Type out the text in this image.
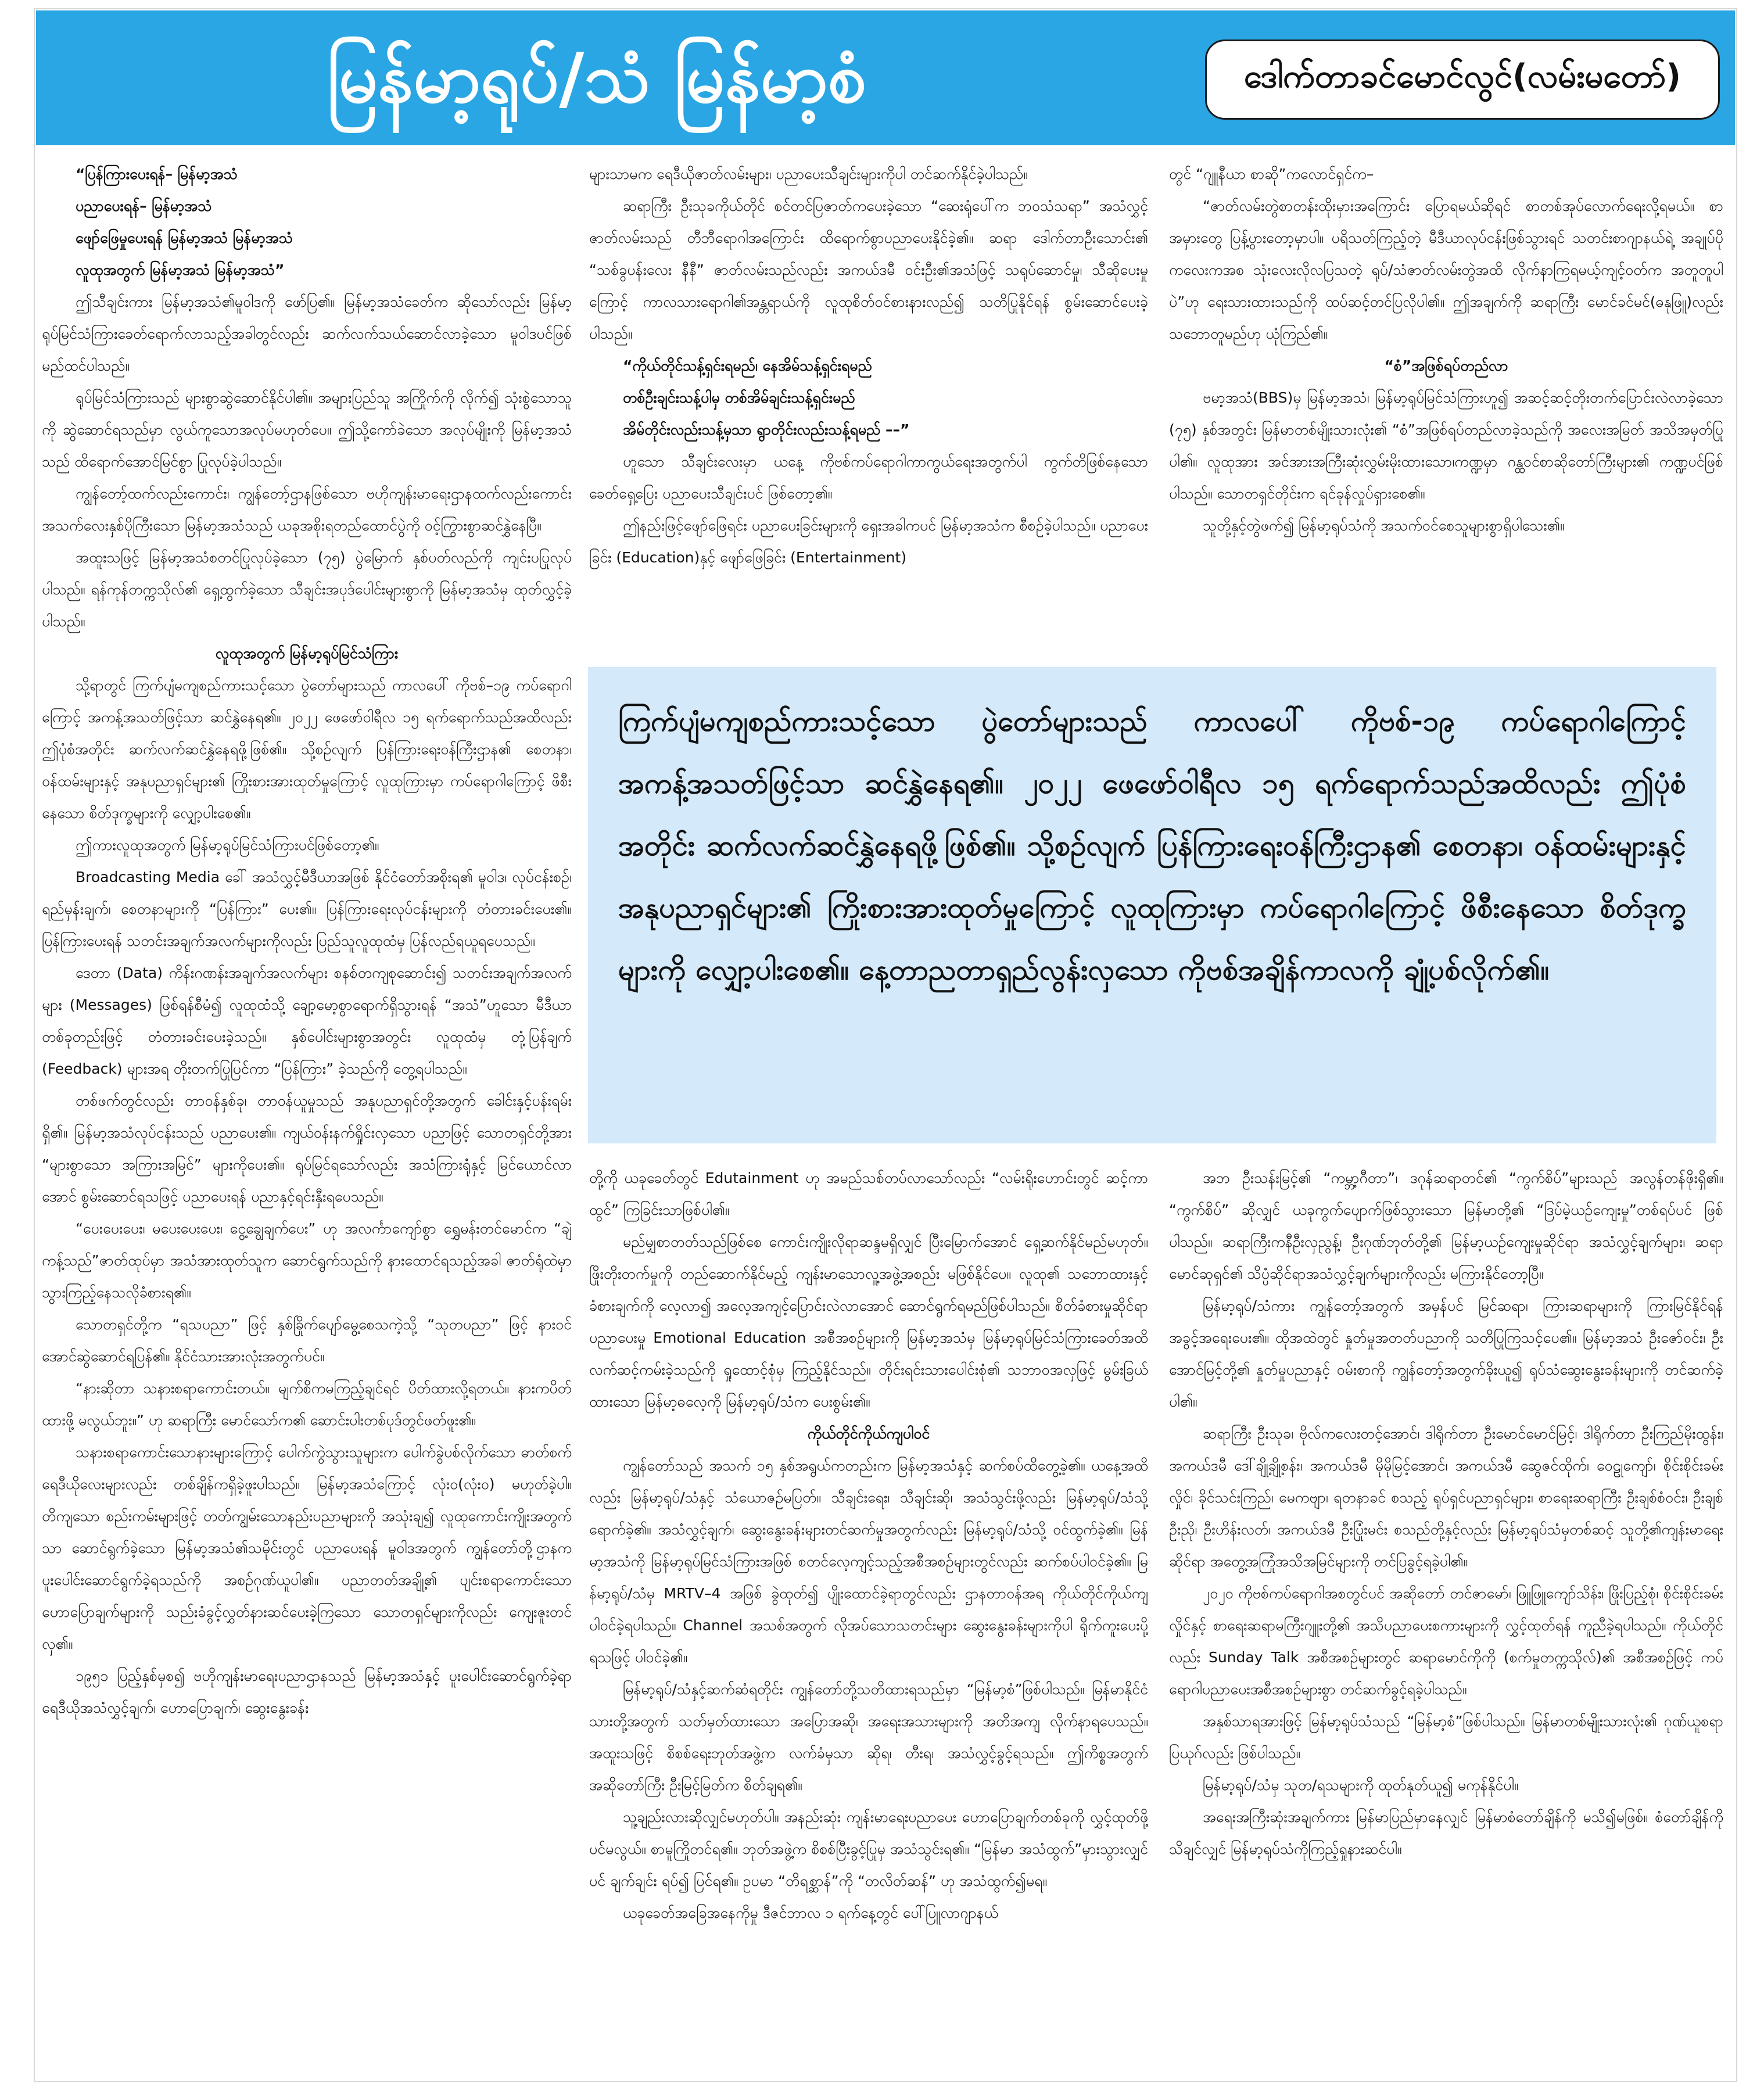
မြန်မာ့ရုပ်/သံ မြန်မာ့စံ	ဒေါက်တာခင်မောင်လွင်(လမ်းမတော်)

“ပြန်ကြားပေးရန်– မြန်မာ့အသံ

ပညာပေးရန်– မြန်မာ့အသံ

ဖျော်ဖြေမှုပေးရန် မြန်မာ့အသံ မြန်မာ့အသံ

လူထုအတွက် မြန်မာ့အသံ မြန်မာ့အသံ”

ဤသီချင်းကား မြန်မာ့အသံ၏မူဝါဒကို ဖော်ပြ၏။ မြန်မာ့အသံခေတ်က ဆိုသော်လည်း မြန်မာ့ရုပ်မြင်သံကြားခေတ်ရောက်လာသည့်အခါတွင်လည်း ဆက်လက်သယ်ဆောင်လာခဲ့သော မူဝါဒပင်ဖြစ်မည်ထင်ပါသည်။

ရုပ်မြင်သံကြားသည် များစွာဆွဲဆောင်နိုင်ပါ၏။ အများပြည်သူ အကြိုက်ကို လိုက်၍ သုံးစွဲသောသူကို ဆွဲဆောင်ရသည်မှာ လွယ်ကူသောအလုပ်မဟုတ်ပေ။ ဤသို့ကော်ခဲသော အလုပ်မျိုးကို မြန်မာ့အသံသည် ထိရောက်အောင်မြင်စွာ ပြုလုပ်ခဲ့ပါသည်။

ကျွန်တော့်ထက်လည်းကောင်း၊ ကျွန်တော့်ဌာနဖြစ်သော ဗဟိုကျန်းမာရေးဌာနထက်လည်းကောင်း အသက်လေးနှစ်ပိုကြီးသော မြန်မာ့အသံသည် ယခုအစိုးရတည်ထောင်ပွဲကို ဝင့်ကြွားစွာဆင်နွှဲနေပြီ။

အထူးသဖြင့် မြန်မာ့အသံစတင်ပြုလုပ်ခဲ့သော (၇၅) ပွဲမြောက် နှစ်ပတ်လည်ကို ကျင်းပပြုလုပ်ပါသည်။ ရန်ကုန်တက္ကသိုလ်၏ ရှေ့ထွက်ခဲ့သော သီချင်းအပုဒ်ပေါင်းများစွာကို မြန်မာ့အသံမှ ထုတ်လွှင့်ခဲ့ပါသည်။

လူထုအတွက် မြန်မာ့ရုပ်မြင်သံကြား

သို့ရာတွင် ကြက်ပျံမကျစည်ကားသင့်သော ပွဲတော်များသည် ကာလပေါ် ကိုဗစ်–၁၉ ကပ်ရောဂါကြောင့် အကန့်အသတ်ဖြင့်သာ ဆင်နွှဲနေရ၏။ ၂၀၂၂ ဖေဖော်ဝါရီလ ၁၅ ရက်ရောက်သည်အထိလည်း ဤပုံစံအတိုင်း ဆက်လက်ဆင်နွှဲနေရဖို့ဖြစ်၏။ သို့စဉ်လျက် ပြန်ကြားရေးဝန်ကြီးဌာန၏ စေတနာ၊ ဝန်ထမ်းများနှင့် အနုပညာရှင်များ၏ ကြိုးစားအားထုတ်မှုကြောင့် လူထုကြားမှာ ကပ်ရောဂါကြောင့် ဖိစီးနေသော စိတ်ဒုက္ခများကို လျှော့ပါးစေ၏။

ဤကားလူထုအတွက် မြန်မာ့ရုပ်မြင်သံကြားပင်ဖြစ်တော့၏။

Broadcasting Media ခေါ် အသံလွှင့်မီဒီယာအဖြစ် နိုင်ငံတော်အစိုးရ၏ မူဝါဒ၊ လုပ်ငန်းစဉ်၊ ရည်မှန်းချက်၊ စေတနာများကို “ပြန်ကြား” ပေး၏။ ပြန်ကြားရေးလုပ်ငန်းများကို တံတားခင်းပေး၏။ ပြန်ကြားပေးရန် သတင်းအချက်အလက်များကိုလည်း ပြည်သူလူထုထံမှ ပြန်လည်ရယူရပေသည်။

ဒေတာ (Data) ကိန်းဂဏန်းအချက်အလက်များ စနစ်တကျစုဆောင်း၍ သတင်းအချက်အလက်များ (Messages) ဖြစ်ရန်စီမံ၍ လူထုထံသို့ ချော့မော့စွာရောက်ရှိသွားရန် “အသံ”ဟူသော မီဒီယာတစ်ခုတည်းဖြင့် တံတားခင်းပေးခဲ့သည်။ နှစ်ပေါင်းများစွာအတွင်း လူထုထံမှ တုံ့ပြန်ချက် (Feedback) များအရ တိုးတက်ပြုပြင်ကာ “ပြန်ကြား” ခဲ့သည်ကို တွေ့ရပါသည်။

တစ်ဖက်တွင်လည်း တာဝန်နှစ်ခု၊ တာဝန်ယူမှုသည် အနုပညာရှင်တို့အတွက် ခေါင်းနှင့်ပန်းရမ်းရှိ၏။ မြန်မာ့အသံလုပ်ငန်းသည် ပညာပေး၏။ ကျယ်ဝန်းနက်ရှိုင်းလှသော ပညာဖြင့် သောတရှင်တို့အား “များစွာသော အကြားအမြင်” များကိုပေး၏။ ရုပ်မြင်ရသော်လည်း အသံကြားရုံနှင့် မြင်ယောင်လာအောင် စွမ်းဆောင်ရသဖြင့် ပညာပေးရန် ပညာနှင့်ရင်းနှီးရပေသည်။

“ပေးပေးပေး၊ မပေးပေးပေး၊ ငွေ့ချွေချက်ပေး” ဟု အလင်္ကာကျော်စွာ ရွှေမန်းတင်မောင်က “ချဲ့ကန့်သည်”ဇာတ်ထုပ်မှာ အသံအားထုတ်သူက ဆောင်ရွက်သည်ကို နားထောင်ရသည့်အခါ ဇာတ်ရုံထဲမှာသွားကြည့်နေသလိုခံစားရ၏။

သောတရှင်တို့က “ရသပညာ” ဖြင့် နှစ်ခြိုက်ပျော်မွေ့စေသကဲ့သို့ “သုတပညာ” ဖြင့် နားဝင်အောင်ဆွဲဆောင်ရပြန်၏။ နိုင်ငံသားအားလုံးအတွက်ပင်။

“နားဆိုတာ သနားစရာကောင်းတယ်။ မျက်စိကမကြည့်ချင်ရင် ပိတ်ထားလို့ရတယ်။ နားကပိတ်ထားဖို့ မလွယ်ဘူး။” ဟု ဆရာကြီး မောင်သော်က၏ ဆောင်းပါးတစ်ပုဒ်တွင်ဖတ်ဖူး၏။

သနားစရာကောင်းသောနားများကြောင့် ပေါက်ကွဲသွားသူများက ပေါက်ခွဲပစ်လိုက်သော ဓာတ်စက်ရေဒီယိုလေးများလည်း တစ်ချိန်ကရှိခဲ့ဖူးပါသည်။ မြန်မာ့အသံကြောင့် လုံး၀(လုံး၀) မဟုတ်ခဲ့ပါ။ တိကျသော စည်းကမ်းများဖြင့် တတ်ကျွမ်းသောနည်းပညာများကို အသုံးချ၍ လူထုကောင်းကျိုးအတွက်သာ ဆောင်ရွက်ခဲ့သော မြန်မာ့အသံ၏သမိုင်းတွင် ပညာပေးရန် မူဝါဒအတွက် ကျွန်တော်တို့ဌာနက ပူးပေါင်းဆောင်ရွက်ခဲ့ရသည်ကို အစဉ်ဂုဏ်ယူပါ၏။ ပညာတတ်အချို့၏ ပျင်းစရာကောင်းသော ဟောပြောချက်များကို သည်းခံခွင့်လွှတ်နားဆင်ပေးခဲ့ကြသော သောတရှင်များကိုလည်း ကျေးဇူးတင်လှ၏။

၁၉၅၁ ပြည့်နှစ်မှစ၍ ဗဟိုကျန်းမာရေးပညာဌာနသည် မြန်မာ့အသံနှင့် ပူးပေါင်းဆောင်ရွက်ခဲ့ရာ ရေဒီယိုအသံလွှင့်ချက်၊ ဟောပြောချက်၊ ဆွေးနွေးခန်း

များသာမက ရေဒီယိုဇာတ်လမ်းများ၊ ပညာပေးသီချင်းများကိုပါ တင်ဆက်နိုင်ခဲ့ပါသည်။

ဆရာကြီး ဦးသုခကိုယ်တိုင် စင်တင်ပြဇာတ်ကပေးခဲ့သော “ဆေးရုံပေါ်က ဘဝသံသရာ” အသံလွှင့်ဇာတ်လမ်းသည် တီဘီရောဂါအကြောင်း ထိရောက်စွာပညာပေးနိုင်ခဲ့၏။ ဆရာ ဒေါက်တာဦးသောင်း၏ “သစ်ခွပန်းလေး နီနီ” ဇာတ်လမ်းသည်လည်း အကယ်ဒမီ ဝင်းဦး၏အသံဖြင့် သရုပ်ဆောင်မှု၊ သီဆိုပေးမှုကြောင့် ကာလသားရောဂါ၏အန္တရာယ်ကို လူထုစိတ်ဝင်စားနားလည်၍ သတိပြုနိုင်ရန် စွမ်းဆောင်ပေးခဲ့ပါသည်။

“ကိုယ်တိုင်သန့်ရှင်းရမည်၊ နေအိမ်သန့်ရှင်းရမည်

တစ်ဦးချင်းသန့်ပါမှ တစ်အိမ်ချင်းသန့်ရှင်းမည်

အိမ်တိုင်းလည်းသန့်မှသာ ရွာတိုင်းလည်းသန့်ရမည် ––”

ဟူသော သီချင်းလေးမှာ ယနေ့ ကိုဗစ်ကပ်ရောဂါကာကွယ်ရေးအတွက်ပါ ကွက်တိဖြစ်နေသော ခေတ်ရှေ့ပြေး ပညာပေးသီချင်းပင် ဖြစ်တော့၏။

ဤနည်းဖြင့်ဖျော်ဖြေရင်း ပညာပေးခြင်းများကို ရှေးအခါကပင် မြန်မာ့အသံက စီစဉ်ခဲ့ပါသည်။ ပညာပေးခြင်း (Education)နှင့် ဖျော်ဖြေခြင်း (Entertainment)

တွင် “ဂျူနီယာ စာဆို”ကလောင်ရှင်က–

“ဇာတ်လမ်းတွဲစာတန်းထိုးမှားအကြောင်း ပြောရမယ်ဆိုရင် စာတစ်အုပ်လောက်ရေးလို့ရမယ်။ စာအမှားတွေ ပြန့်ပွားတော့မှာပါ။ ပရိသတ်ကြည့်တဲ့ မီဒီယာလုပ်ငန်းဖြစ်သွားရင် သတင်းစာဂျာနယ်ရဲ့ အချုပ်ပိုကလေးကအစ သုံးလေးလိုလပြသတဲ့ ရုပ်/သံဇာတ်လမ်းတွဲအထိ လိုက်နာကြရမယ့်ကျင့်ဝတ်က အတူတူပါပဲ”ဟု ရေးသားထားသည်ကို ထပ်ဆင့်တင်ပြလိုပါ၏။ ဤအချက်ကို ဆရာကြီး မောင်ခင်မင်(ဓနုဖြူ)လည်း သဘောတူမည်ဟု ယုံကြည်၏။

“စံ”အဖြစ်ရပ်တည်လာ

ဗမာ့အသံ(BBS)မှ မြန်မာ့အသံ၊ မြန်မာ့ရုပ်မြင်သံကြားဟူ၍ အဆင့်ဆင့်တိုးတက်ပြောင်းလဲလာခဲ့သော (၇၅) နှစ်အတွင်း မြန်မာတစ်မျိုးသားလုံး၏ “စံ”အဖြစ်ရပ်တည်လာခဲ့သည်ကို အလေးအမြတ် အသိအမှတ်ပြုပါ၏။ လူထုအား အင်အားအကြီးဆုံးလွှမ်းမိုးထားသော၊ကဏ္ဍမှာ ဂန္ထဝင်စာဆိုတော်ကြီးများ၏ ကဏ္ဍပင်ဖြစ်ပါသည်။ သောတရှင်တိုင်းက ရင်ခုန်လှုပ်ရှားစေ၏။

သူတို့နှင့်တွဲဖက်၍ မြန်မာ့ရုပ်သံကို အသက်ဝင်စေသူများစွာရှိပါသေး၏။

ကြက်ပျံမကျစည်ကားသင့်သော ပွဲတော်များသည် ကာလပေါ် ကိုဗစ်-၁၉ ကပ်ရောဂါကြောင့် အကန့်အသတ်ဖြင့်သာ ဆင်နွှဲနေရ၏။ ၂၀၂၂ ဖေဖော်ဝါရီလ ၁၅ ရက်ရောက်သည်အထိလည်း ဤပုံစံအတိုင်း ဆက်လက်ဆင်နွှဲနေရဖို့ဖြစ်၏။ သို့စဉ်လျက် ပြန်ကြားရေးဝန်ကြီးဌာန၏ စေတနာ၊ ဝန်ထမ်းများနှင့် အနုပညာရှင်များ၏ ကြိုးစားအားထုတ်မှုကြောင့် လူထုကြားမှာ ကပ်ရောဂါကြောင့် ဖိစီးနေသော စိတ်ဒုက္ခများကို လျှော့ပါးစေ၏။ နေ့တာညတာရှည်လွန်းလှသော ကိုဗစ်အချိန်ကာလကို ချုံ့ပစ်လိုက်၏။

တို့ကို ယခုခေတ်တွင် Edutainment ဟု အမည်သစ်တပ်လာသော်လည်း “လမ်းရိုးဟောင်းတွင် ဆင့်ကာထွင်” ကြခြင်းသာဖြစ်ပါ၏။

မည်မျှစာတတ်သည်ဖြစ်စေ ကောင်းကျိုးလိုရာဆန္ဒမရှိလျှင် ပြီးမြောက်အောင် ရှေ့ဆက်နိုင်မည်မဟုတ်။ ဖြိုးတိုးတက်မှုကို တည်ဆောက်နိုင်မည့် ကျန်းမာသောလူ့အဖွဲ့အစည်း မဖြစ်နိုင်ပေ။ လူထု၏ သဘောထားနှင့် ခံစားချက်ကို လေ့လာ၍ အလေ့အကျင့်ပြောင်းလဲလာအောင် ဆောင်ရွက်ရမည်ဖြစ်ပါသည်။ စိတ်ခံစားမှုဆိုင်ရာ ပညာပေးမှု Emotional Education အစီအစဉ်များကို မြန်မာ့အသံမှ မြန်မာ့ရုပ်မြင်သံကြားခေတ်အထိ လက်ဆင့်ကမ်းခဲ့သည်ကို ရှုထောင့်စုံမှ ကြည့်နိုင်သည်။ တိုင်းရင်းသားပေါင်းစုံ၏ သဘာဝအလှဖြင့် မွမ်းခြယ်ထားသော မြန်မာ့ဓလေ့ကို မြန်မာ့ရုပ်/သံက ပေးစွမ်း၏။

ကိုယ်တိုင်ကိုယ်ကျပါဝင်

ကျွန်တော်သည် အသက် ၁၅ နှစ်အရွယ်ကတည်းက မြန်မာ့အသံနှင့် ဆက်စပ်ထိတွေ့ခဲ့၏။ ယနေ့အထိလည်း မြန်မာ့ရုပ်/သံနှင့် သံယောဇဉ်မပြတ်။ သီချင်းရေး၊ သီချင်းဆို၊ အသံသွင်းဖို့လည်း မြန်မာ့ရုပ်/သံသို့ ရောက်ခဲ့၏။ အသံလွှင့်ချက်၊ ဆွေးနွေးခန်းများတင်ဆက်မှုအတွက်လည်း မြန်မာ့ရုပ်/သံသို့ ဝင်ထွက်ခဲ့၏။ မြန်မာ့အသံကို မြန်မာ့ရုပ်မြင်သံကြားအဖြစ် စတင်လေ့ကျင့်သည့်အစီအစဉ်များတွင်လည်း ဆက်စပ်ပါဝင်ခဲ့၏။ မြန်မာ့ရုပ်/သံမှ MRTV–4 အဖြစ် ခွဲထုတ်၍ ပျိုးထောင်ခဲ့ရာတွင်လည်း ဌာနတာဝန်အရ ကိုယ်တိုင်ကိုယ်ကျ ပါဝင်ခဲ့ရပါသည်။ Channel အသစ်အတွက် လိုအပ်သောသတင်းများ ဆွေးနွေးခန်းများကိုပါ ရိုက်ကူးပေးပို့ရသဖြင့် ပါဝင်ခဲ့၏။

မြန်မာ့ရုပ်/သံနှင့်ဆက်ဆံရတိုင်း ကျွန်တော်တို့သတိထားရသည်မှာ “မြန်မာ့စံ”ဖြစ်ပါသည်။ မြန်မာနိုင်ငံသားတို့အတွက် သတ်မှတ်ထားသော အပြောအဆို၊ အရေးအသားများကို အတိအကျ လိုက်နာရပေသည်။ အထူးသဖြင့် စိစစ်ရေးဘုတ်အဖွဲ့က လက်ခံမှသာ ဆိုရ၊ တီးရ၊ အသံလွှင့်ခွင့်ရသည်။ ဤကိစ္စအတွက် အဆိုတော်ကြီး ဦးမြင့်မြတ်က စိတ်ချရ၏။

သူ့ချည်းလားဆိုလျှင်မဟုတ်ပါ။ အနည်းဆုံး ကျန်းမာရေးပညာပေး ဟောပြောချက်တစ်ခုကို လွှင့်ထုတ်ဖို့ပင်မလွယ်။ စာမူကြိုတင်ရ၏။ ဘုတ်အဖွဲ့က စိစစ်ပြီးခွင့်ပြုမှ အသံသွင်းရ၏။ “မြန်မာ အသံထွက်”မှားသွားလျှင်ပင် ချက်ချင်း ရပ်၍ ပြင်ရ၏။ ဥပမာ “တိရစ္ဆာန်”ကို “တလိတ်ဆန်” ဟု အသံထွက်၍မရ။

ယခုခေတ်အခြေအနေကိုမှု ဒီဇင်ဘာလ ၁ ရက်နေ့တွင် ပေါ်ပြူလာဂျာနယ်

အဘ ဦးသန်းမြင့်၏ “ကမ္ဘာ့ဂီတာ”၊ ဒဂုန်ဆရာတင်၏ “ကွက်စိပ်”များသည် အလွန်တန်ဖိုးရှိ၏။ “ကွက်စိပ်” ဆိုလျှင် ယခုကွက်ပျောက်ဖြစ်သွားသော မြန်မာတို့၏ “ဒြပ်မဲ့ယဉ်ကျေးမှု”တစ်ရပ်ပင် ဖြစ်ပါသည်။ ဆရာကြီးကနီဦးလှညွန့်၊ ဦးဂုဏ်ဘုတ်တို့၏ မြန်မာ့ယဉ်ကျေးမှုဆိုင်ရာ အသံလွှင့်ချက်များ၊ ဆရာမောင်ဆုရှင်၏ သိပ္ပံဆိုင်ရာအသံလွှင့်ချက်များကိုလည်း မကြားနိုင်တော့ပြီ။

မြန်မာ့ရုပ်/သံကား ကျွန်တော့်အတွက် အမှန်ပင် မြင်ဆရာ၊ ကြားဆရာများကို ကြားမြင်နိုင်ရန် အခွင့်အရေးပေး၏။ ထိုအထဲတွင် နှုတ်မှုအတတ်ပညာကို သတိပြုကြသင့်ပေ၏။ မြန်မာ့အသံ ဦးဇော်ဝင်း၊ ဦးအောင်မြင့်တို့၏ နှုတ်မှုပညာနှင့် ဝမ်းစာကို ကျွန်တော့်အတွက်ခိုးယူ၍ ရုပ်သံဆွေးနွေးခန်းများကို တင်ဆက်ခဲ့ပါ၏။

ဆရာကြီး ဦးသုခ၊ ဗိုလ်ကလေးတင့်အောင်၊ ဒါရိုက်တာ ဦးမောင်မောင်မြင့်၊ ဒါရိုက်တာ ဦးကြည်မိုးထွန်း၊ အကယ်ဒမီ ဒေါ်ချို့ချို့စန်း၊ အကယ်ဒမီ မိုမိုမြင့်အောင်၊ အကယ်ဒမီ ဆွေဇင်ထိုက်၊ ဝေဠုကျော်၊ စိုင်းစိုင်းခမ်းလှိုင်၊ ခိုင်သင်းကြည်၊ မေကဗျာ၊ ရတနာခင် စသည့် ရုပ်ရှင်ပညာရှင်များ၊ စာရေးဆရာကြီး ဦးချစ်စံဝင်း၊ ဦးချစ်ဦးညို၊ ဦးဟိန်းလတ်၊ အကယ်ဒမီ ဦးပြုံးမင်း စသည်တို့နှင့်လည်း မြန်မာ့ရုပ်သံမှတစ်ဆင့် သူတို့၏ကျန်းမာရေးဆိုင်ရာ အတွေ့အကြုံအသိအမြင်များကို တင်ပြခွင့်ရခဲ့ပါ၏။

၂၀၂၀ ကိုဗစ်ကပ်ရောဂါအစတွင်ပင် အဆိုတော် တင်ဇာမော်၊ ဖြူဖြူကျော်သိန်း၊ ဖြိုးပြည့်စုံ၊ စိုင်းစိုင်းခမ်းလှိုင်နှင့် စာရေးဆရာမကြီးဂျူးတို့၏ အသိပညာပေးစကားများကို လွှင့်ထုတ်ရန် ကူညီခဲ့ရပါသည်။ ကိုယ်တိုင်လည်း Sunday Talk အစီအစဉ်များတွင် ဆရာမောင်ကိုကို (စက်မှုတက္ကသိုလ်)၏ အစီအစဉ်ဖြင့် ကပ်ရောဂါပညာပေးအစီအစဉ်များစွာ တင်ဆက်ခွင့်ရခဲ့ပါသည်။

အနှစ်သာရအားဖြင့် မြန်မာ့ရုပ်သံသည် “မြန်မာ့စံ”ဖြစ်ပါသည်။ မြန်မာတစ်မျိုးသားလုံး၏ ဂုဏ်ယူစရာပြယုဂ်လည်း ဖြစ်ပါသည်။

မြန်မာ့ရုပ်/သံမှ သုတ/ရသများကို ထုတ်နုတ်ယူ၍ မကုန်နိုင်ပါ။

အရေးအကြီးဆုံးအချက်ကား မြန်မာပြည်မှာနေလျှင် မြန်မာစံတော်ချိန်ကို မသိ၍မဖြစ်။ စံတော်ချိန်ကို သိချင်လျှင် မြန်မာ့ရုပ်သံကိုကြည့်ရှုနားဆင်ပါ။
